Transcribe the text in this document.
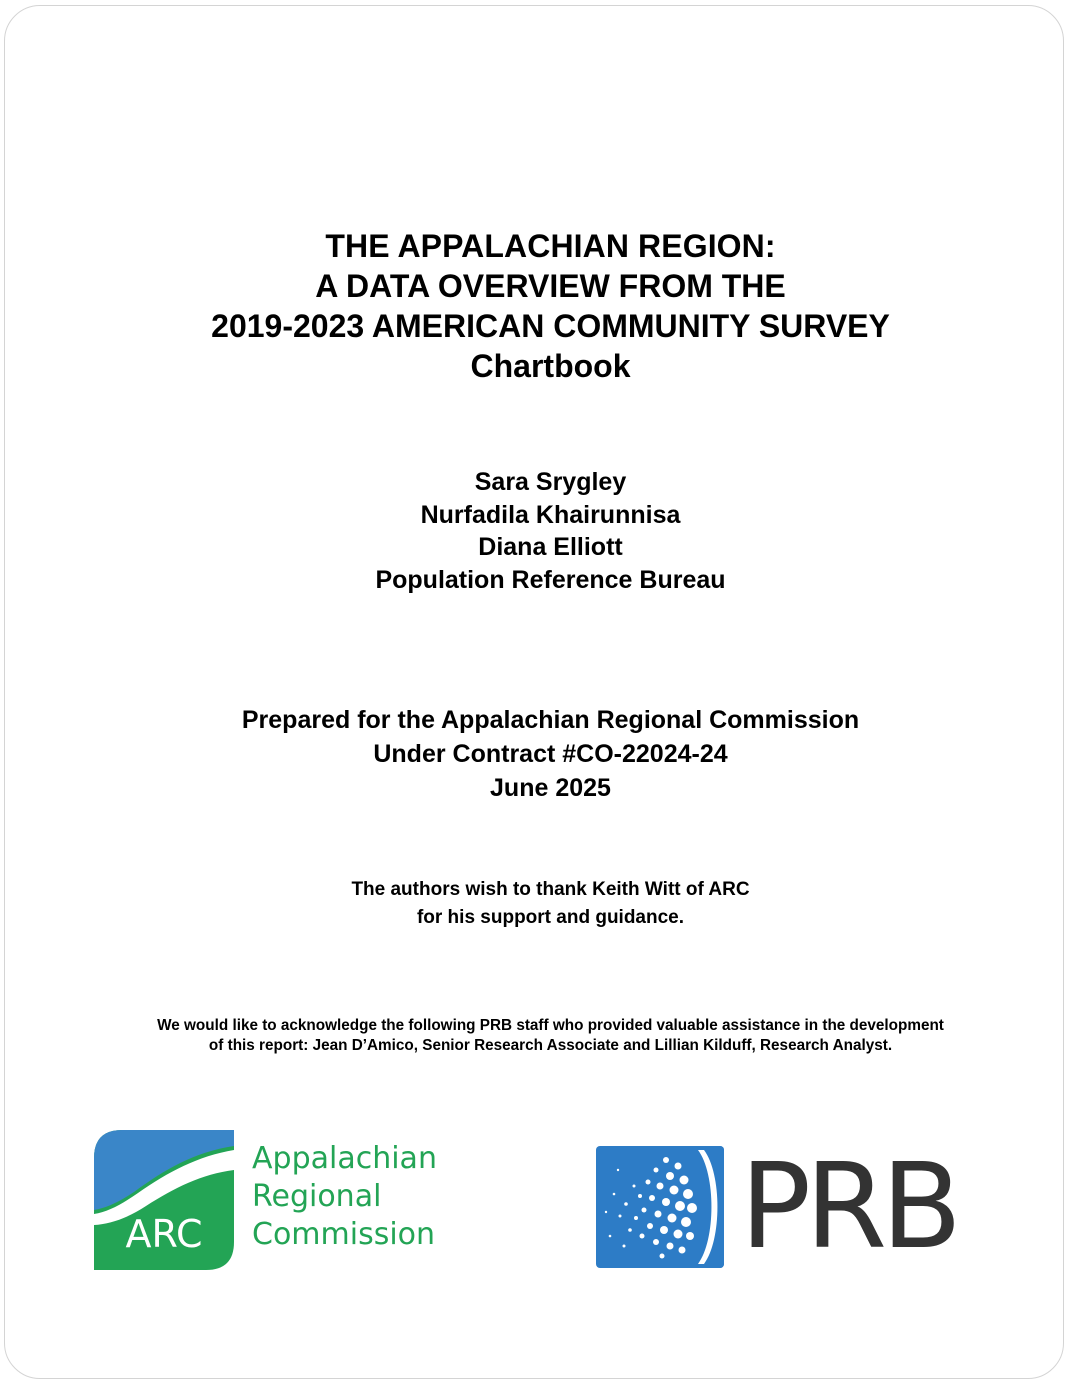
THE APPALACHIAN REGION:
A DATA OVERVIEW FROM THE
2019-2023 AMERICAN COMMUNITY SURVEY
Chartbook
Sara Srygley
Nurfadila Khairunnisa
Diana Elliott
Population Reference Bureau
Prepared for the Appalachian Regional Commission
Under Contract #CO-22024-24
June 2025
The authors wish to thank Keith Witt of ARC
for his support and guidance.
We would like to acknowledge the following PRB staff who provided valuable assistance in the development
of this report: Jean D’Amico, Senior Research Associate and Lillian Kilduff, Research Analyst.
ARC
Appalachian
Regional
Commission	PRB
